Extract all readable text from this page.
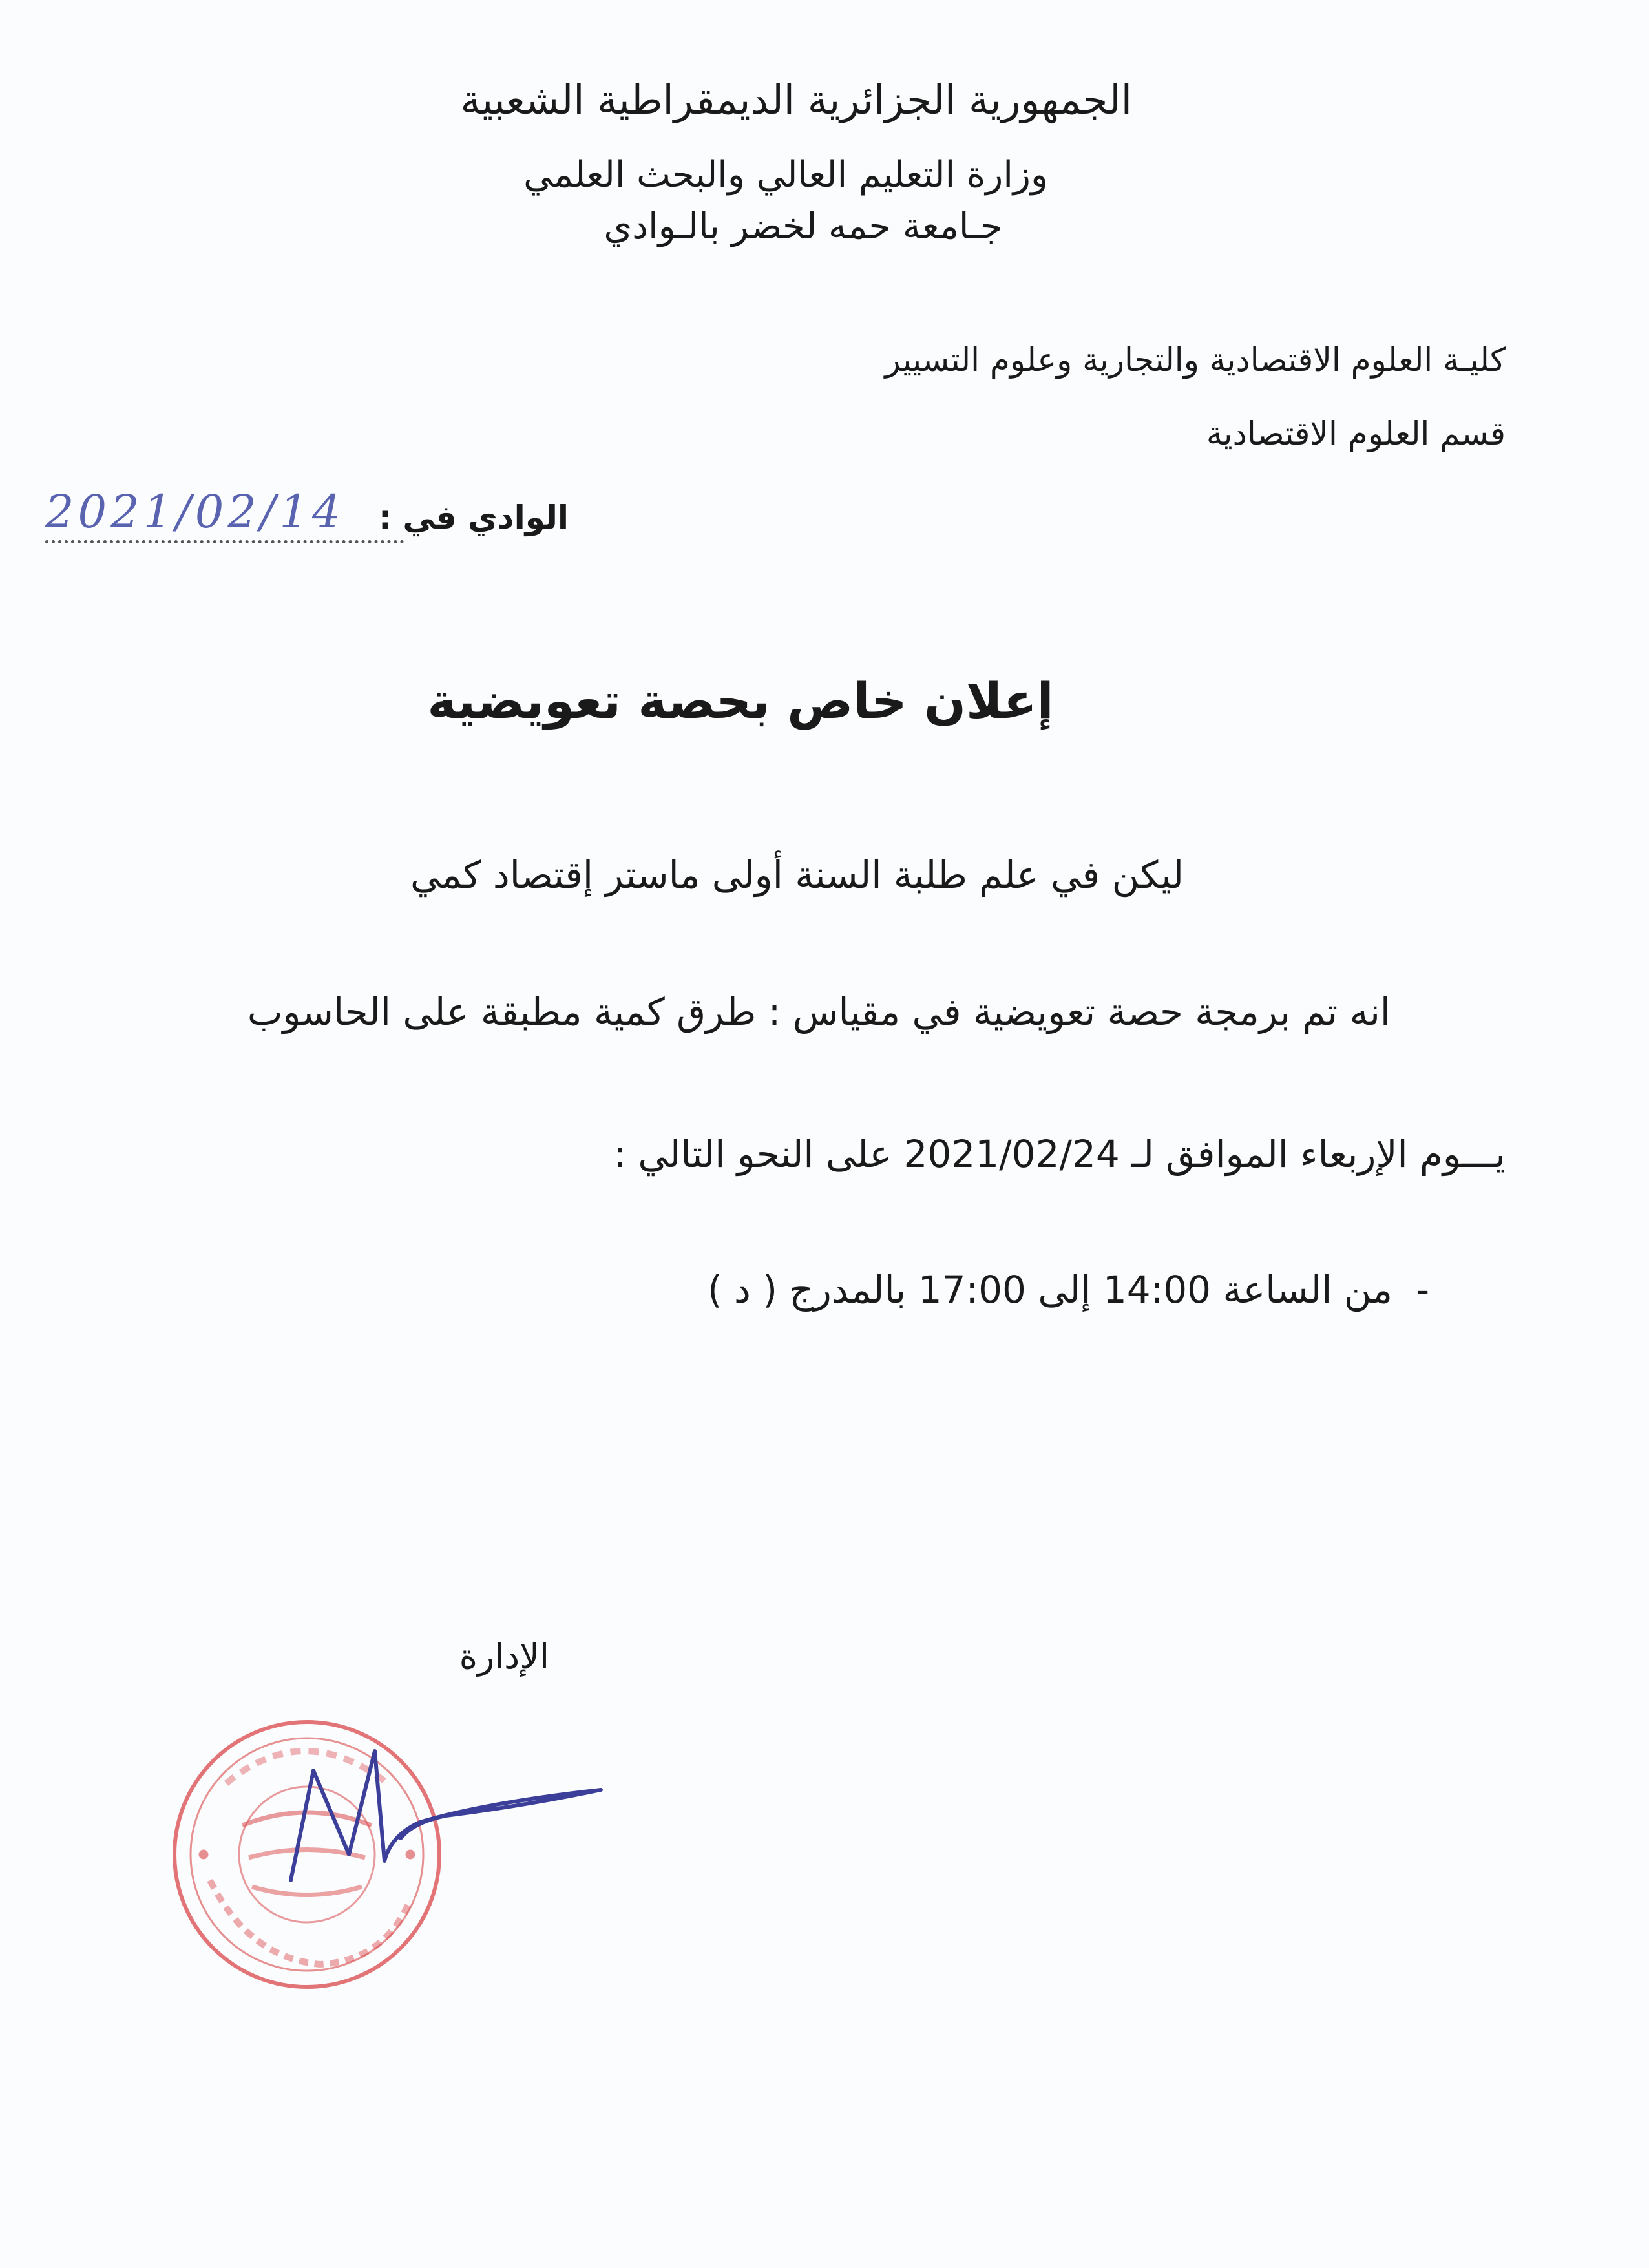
الجمهورية الجزائرية الديمقراطية الشعبية
وزارة التعليم العالي والبحث العلمي
جـامعة حمه لخضر بالـوادي
كليـة العلوم الاقتصادية والتجارية وعلوم التسيير
قسم العلوم الاقتصادية
الوادي في :
2021/02/14
إعلان خاص بحصة تعويضية
ليكن في علم طلبة السنة أولى ماستر إقتصاد كمي
انه تم برمجة حصة تعويضية في مقياس : طرق كمية مطبقة على الحاسوب
يـــوم الإربعاء الموافق لـ 2021/02/24 على النحو التالي :
-من الساعة 14:00 إلى 17:00 بالمدرج ( د )
الإدارة
